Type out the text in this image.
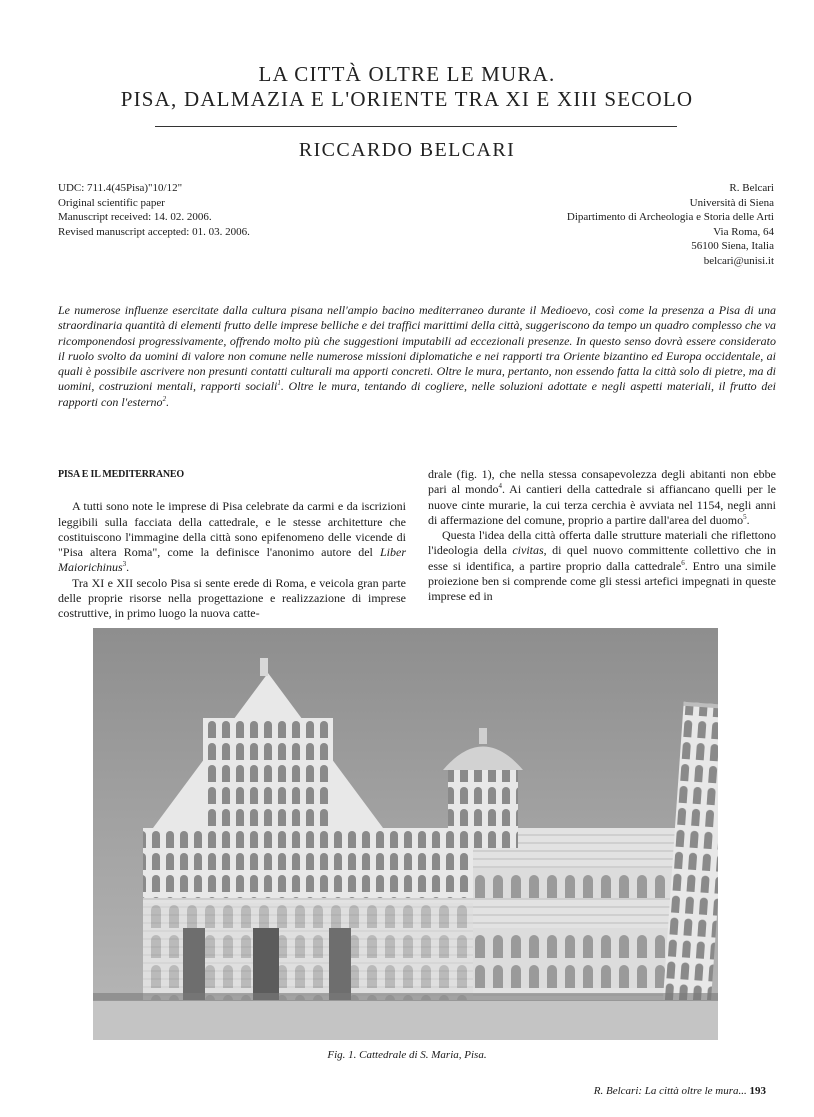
LA CITTÀ OLTRE LE MURA.
PISA, DALMAZIA E L'ORIENTE TRA XI E XIII SECOLO
RICCARDO BELCARI
UDC: 711.4(45Pisa)"10/12"
Original scientific paper
Manuscript received: 14. 02. 2006.
Revised manuscript accepted: 01. 03. 2006.
R. Belcari
Università di Siena
Dipartimento di Archeologia e Storia delle Arti
Via Roma, 64
56100 Siena, Italia
belcari@unisi.it

Le numerose influenze esercitate dalla cultura pisana nell'ampio bacino mediterraneo durante il Medioevo, così come la presenza a Pisa di una straordinaria quantità di elementi frutto delle imprese belliche e dei traffici marittimi della città, suggeriscono da tempo un quadro complesso che va ricomponendosi progressivamente, offrendo molto più che suggestioni imputabili ad eccezionali presenze. In questo senso dovrà essere considerato il ruolo svolto da uomini di valore non comune nelle numerose missioni diplomatiche e nei rapporti tra Oriente bizantino ed Europa occidentale, ai quali è possibile ascrivere non presunti contatti culturali ma apporti concreti. Oltre le mura, pertanto, non essendo fatta la città solo di pietre, ma di uomini, costruzioni mentali, rapporti sociali$^1$. Oltre le mura, tentando di cogliere, nelle soluzioni adottate e negli aspetti materiali, il frutto dei rapporti con l'esterno$^2$.

PISA E IL MEDITERRANEO

A tutti sono note le imprese di Pisa celebrate da carmi e da iscrizioni leggibili sulla facciata della cattedrale, e le stesse architetture che costituiscono l'immagine della città sono epifenomeno delle vicende di "Pisa altera Roma", come la definisce l'anonimo autore del Liber Maiorichinus$^3$.

Tra XI e XII secolo Pisa si sente erede di Roma, e veicola gran parte delle proprie risorse nella progettazione e realizzazione di imprese costruttive, in primo luogo la nuova catte-

drale (fig. 1), che nella stessa consapevolezza degli abitanti non ebbe pari al mondo$^4$. Ai cantieri della cattedrale si affiancano quelli per le nuove cinte murarie, la cui terza cerchia è avviata nel 1154, negli anni di affermazione del comune, proprio a partire dall'area del duomo$^5$.

Questa l'idea della città offerta dalle strutture materiali che riflettono l'ideologia della civitas, di quel nuovo committente collettivo che in esse si identifica, a partire proprio dalla cattedrale$^6$. Entro una simile proiezione ben si comprende come gli stessi artefici impegnati in queste imprese ed in

Fig. 1. Cattedrale di S. Maria, Pisa.
R. Belcari: La città oltre le mura... 193
